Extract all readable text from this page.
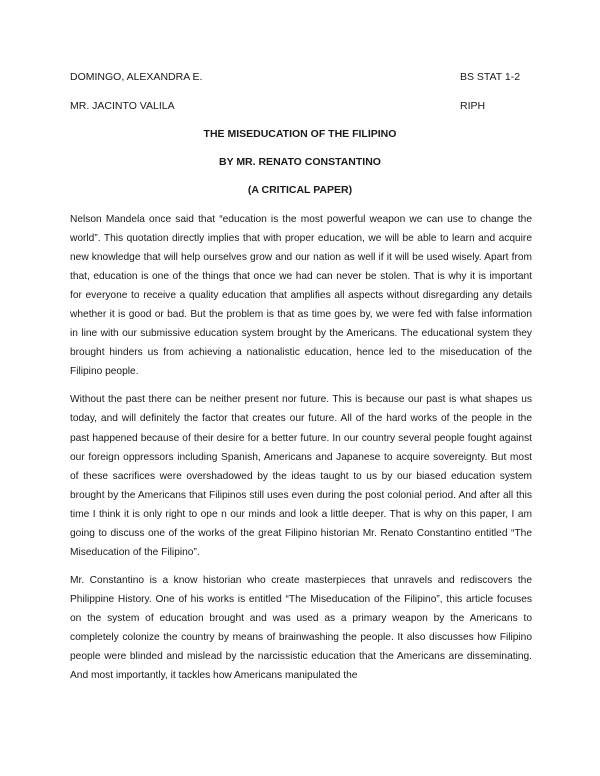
DOMINGO, ALEXANDRA E.	BS STAT 1-2
MR. JACINTO VALILA	RIPH
THE MISEDUCATION OF THE FILIPINO
BY MR. RENATO CONSTANTINO
(A CRITICAL PAPER)

Nelson Mandela once said that “education is the most powerful weapon we can use to change the world”. This quotation directly implies that with proper education, we will be able to learn and acquire new knowledge that will help ourselves grow and our nation as well if it will be used wisely. Apart from that, education is one of the things that once we had can never be stolen. That is why it is important for everyone to receive a quality education that amplifies all aspects without disregarding any details whether it is good or bad. But the problem is that as time goes by, we were fed with false information in line with our submissive education system brought by the Americans. The educational system they brought hinders us from achieving a nationalistic education, hence led to the miseducation of the Filipino people.

Without the past there can be neither present nor future. This is because our past is what shapes us today, and will definitely the factor that creates our future. All of the hard works of the people in the past happened because of their desire for a better future. In our country several people fought against our foreign oppressors including Spanish, Americans and Japanese to acquire sovereignty. But most of these sacrifices were overshadowed by the ideas taught to us by our biased education system brought by the Americans that Filipinos still uses even during the post colonial period. And after all this time I think it is only right to ope n our minds and look a little deeper. That is why on this paper, I am going to discuss one of the works of the great Filipino historian Mr. Renato Constantino entitled “The Miseducation of the Filipino”.

Mr. Constantino is a know historian who create masterpieces that unravels and rediscovers the Philippine History. One of his works is entitled “The Miseducation of the Filipino”, this article focuses on the system of education brought and was used as a primary weapon by the Americans to completely colonize the country by means of brainwashing the people. It also discusses how Filipino people were blinded and mislead by the narcissistic education that the Americans are disseminating. And most importantly, it tackles how Americans manipulated the
